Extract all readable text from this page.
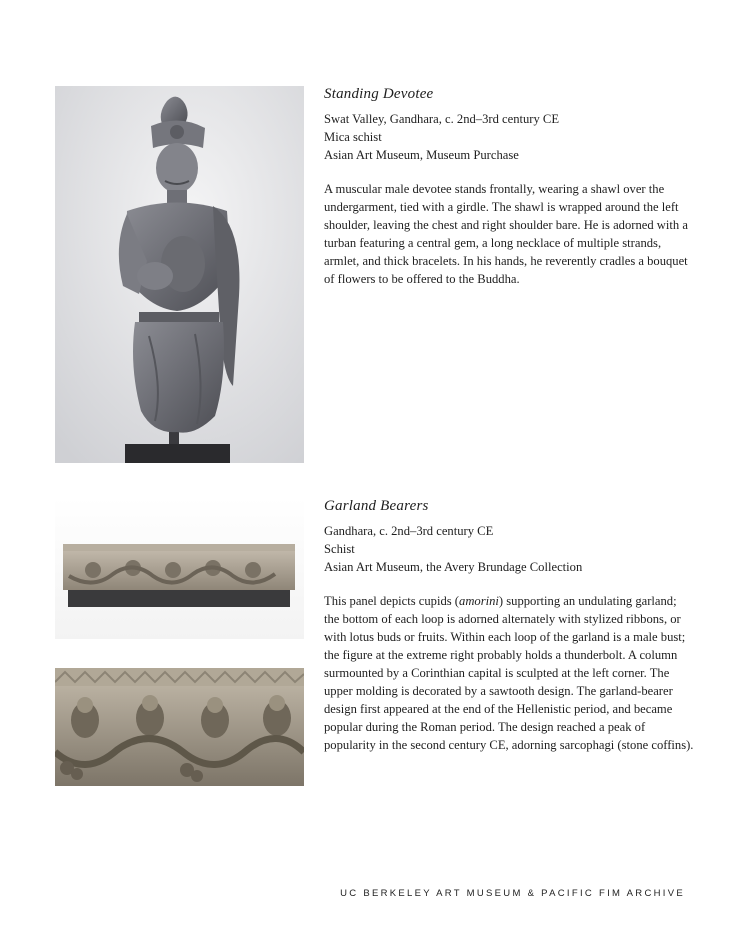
Standing Devotee

Swat Valley, Gandhara, c. 2nd–3rd century CE

Mica schist

Asian Art Museum, Museum Purchase

A muscular male devotee stands frontally, wearing a shawl over the undergarment, tied with a girdle. The shawl is wrapped around the left shoulder, leaving the chest and right shoulder bare. He is adorned with a turban featuring a central gem, a long necklace of multiple strands, armlet, and thick bracelets. In his hands, he reverently cradles a bouquet of flowers to be offered to the Buddha.

Garland Bearers

Gandhara, c. 2nd–3rd century CE

Schist

Asian Art Museum, the Avery Brundage Collection

This panel depicts cupids (amorini) supporting an undulating garland; the bottom of each loop is adorned alternately with stylized ribbons, or with lotus buds or fruits. Within each loop of the garland is a male bust; the figure at the extreme right probably holds a thunderbolt. A column surmounted by a Corinthian capital is sculpted at the left corner. The upper molding is decorated by a sawtooth design. The garland-bearer design first appeared at the end of the Hellenistic period, and became popular during the Roman period. The design reached a peak of popularity in the second century CE, adorning sarcophagi (stone coffins).

UC BERKELEY ART MUSEUM & PACIFIC FIM ARCHIVE
